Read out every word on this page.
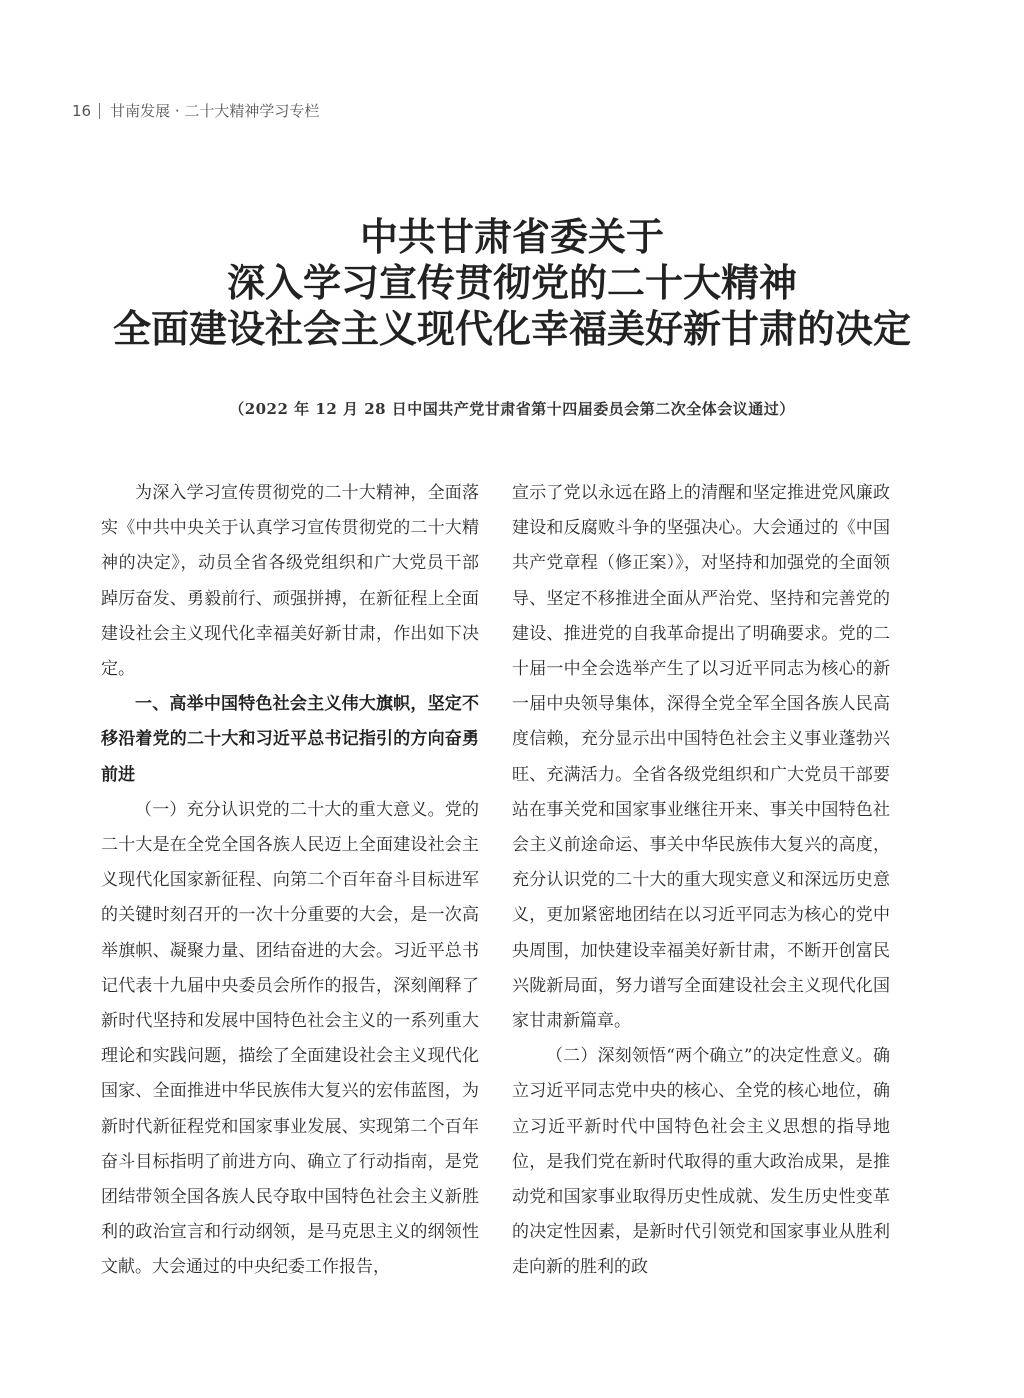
16 甘南发展 · 二十大精神学习专栏
中共甘肃省委关于
深入学习宣传贯彻党的二十大精神
全面建设社会主义现代化幸福美好新甘肃的决定
（2022 年 12 月 28 日中国共产党甘肃省第十四届委员会第二次全体会议通过）

为深入学习宣传贯彻党的二十大精神，全面落实《中共中央关于认真学习宣传贯彻党的二十大精神的决定》，动员全省各级党组织和广大党员干部踔厉奋发、勇毅前行、顽强拼搏，在新征程上全面建设社会主义现代化幸福美好新甘肃，作出如下决定。

一、高举中国特色社会主义伟大旗帜，坚定不移沿着党的二十大和习近平总书记指引的方向奋勇前进

（一）充分认识党的二十大的重大意义。党的二十大是在全党全国各族人民迈上全面建设社会主义现代化国家新征程、向第二个百年奋斗目标进军的关键时刻召开的一次十分重要的大会，是一次高举旗帜、凝聚力量、团结奋进的大会。习近平总书记代表十九届中央委员会所作的报告，深刻阐释了新时代坚持和发展中国特色社会主义的一系列重大理论和实践问题，描绘了全面建设社会主义现代化国家、全面推进中华民族伟大复兴的宏伟蓝图，为新时代新征程党和国家事业发展、实现第二个百年奋斗目标指明了前进方向、确立了行动指南，是党团结带领全国各族人民夺取中国特色社会主义新胜利的政治宣言和行动纲领，是马克思主义的纲领性文献。大会通过的中央纪委工作报告，

宣示了党以永远在路上的清醒和坚定推进党风廉政建设和反腐败斗争的坚强决心。大会通过的《中国共产党章程（修正案）》，对坚持和加强党的全面领导、坚定不移推进全面从严治党、坚持和完善党的建设、推进党的自我革命提出了明确要求。党的二十届一中全会选举产生了以习近平同志为核心的新一届中央领导集体，深得全党全军全国各族人民高度信赖，充分显示出中国特色社会主义事业蓬勃兴旺、充满活力。全省各级党组织和广大党员干部要站在事关党和国家事业继往开来、事关中国特色社会主义前途命运、事关中华民族伟大复兴的高度，充分认识党的二十大的重大现实意义和深远历史意义，更加紧密地团结在以习近平同志为核心的党中央周围，加快建设幸福美好新甘肃，不断开创富民兴陇新局面，努力谱写全面建设社会主义现代化国家甘肃新篇章。

（二）深刻领悟“两个确立”的决定性意义。确立习近平同志党中央的核心、全党的核心地位，确立习近平新时代中国特色社会主义思想的指导地位，是我们党在新时代取得的重大政治成果，是推动党和国家事业取得历史性成就、发生历史性变革的决定性因素，是新时代引领党和国家事业从胜利走向新的胜利的政
